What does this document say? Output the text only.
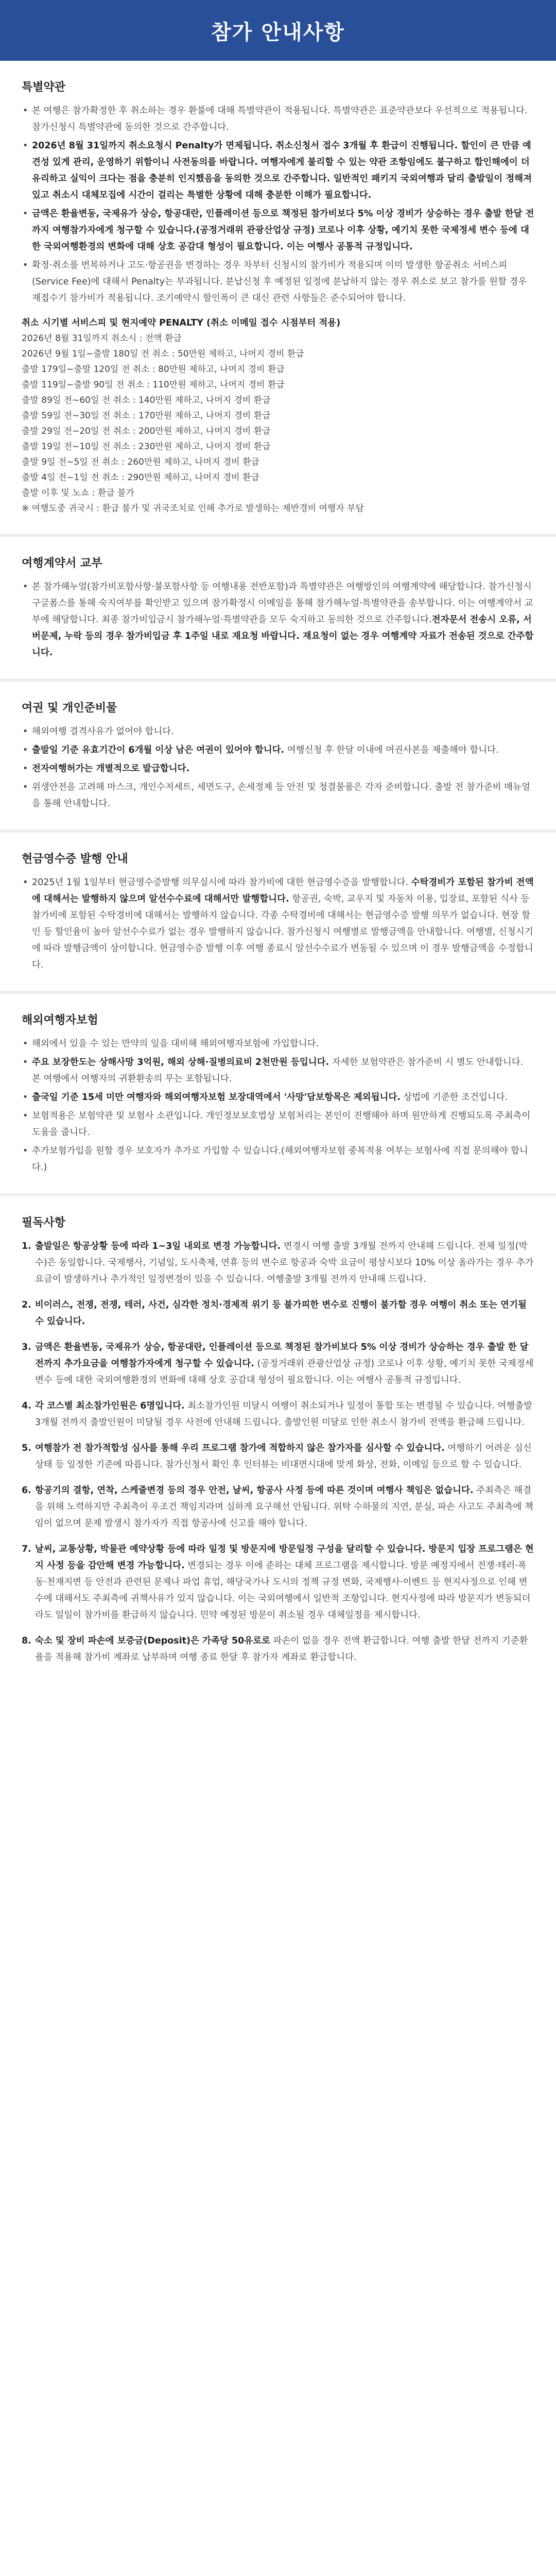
참가 안내사항
특별약관
• 본 여행은 참가확정한 후 취소하는 경우 환불에 대해 특별약관이 적용됩니다. 특별약관은 표준약관보다 우선적으로 적용됩니다. 참가신청시 특별약관에 동의한 것으로 간주합니다.
• 2026년 8월 31일까지 취소요청시 Penalty가 면제됩니다. 취소신청서 접수 3개월 후 환급이 진행됩니다. 할인이 큰 만큼 예견성 있게 관리, 운영하기 위함이니 사전동의를 바랍니다. 여행자에게 불리할 수 있는 약관 조항임에도 불구하고 합인해에이 더 유리하고 실익이 크다는 점을 충분히 인지했음을 동의한 것으로 간주합니다. 일반적인 패키지 국외여행과 달리 출발일이 정해져 있고 취소시 대체모집에 시간이 걸리는 특별한 상황에 대해 충분한 이해가 필요합니다.
• 금액은 환율변동, 국제유가 상승, 항공대란, 인플레이션 등으로 책정된 참가비보다 5% 이상 경비가 상승하는 경우 출발 한달 전까지 여행참가자에게 청구할 수 있습니다.(공정거래위 관광산업상 규정) 코로나 이후 상황, 예기치 못한 국제정세 변수 등에 대한 국외여행환경의 변화에 대해 상호 공감대 형성이 필요합니다. 이는 여행사 공통적 규정입니다.
• 확정·취소를 번복하거나 고도·항공권을 변경하는 경우 차부터 신청시의 참가비가 적용되며 이미 발생한 항공취소 서비스피(Service Fee)에 대해서 Penalty는 부과됩니다. 분납신청 후 예정된 일정에 분납하지 않는 경우 취소로 보고 참가를 원할 경우 재접수기 참가비가 적용됩니다. 조기예약시 할인폭이 큰 대신 관련 사항들은 준수되어야 합니다.
취소 시기별 서비스피 및 현지예약 PENALTY (취소 이메일 접수 시점부터 적용)

2026년 8월 31일까지 취소시 : 전액 환급

2026년 9월 1일~출발 180일 전 취소 : 50만원 제하고, 나머지 경비 환급

출발 179일~출발 120일 전 취소 : 80만원 제하고, 나머지 경비 환급

출발 119일~출발 90일 전 취소 : 110만원 제하고, 나머지 경비 환급

출발 89일 전~60일 전 취소 : 140만원 제하고, 나머지 경비 환급

출발 59일 전~30일 전 취소 : 170만원 제하고, 나머지 경비 환급

출발 29일 전~20일 전 취소 : 200만원 제하고, 나머지 경비 환급

출발 19일 전~10일 전 취소 : 230만원 제하고, 나머지 경비 환급

출발 9일 전~5일 전 취소 : 260만원 제하고, 나머지 경비 환급

출발 4일 전~1일 전 취소 : 290만원 제하고, 나머지 경비 환급

출발 이후 및 노쇼 : 환급 불가

※ 여행도중 귀국시 : 환급 불가 및 귀국조치로 인해 추가로 발생하는 제반경비 여행자 부담

여행계약서 교부
• 본 참가해누얼(참가비포함사항·불포함사항 등 여행내용 전반포함)과 특별약관은 여행방인의 여행계약에 해당합니다. 참가신청시 구글폼스를 통해 숙지여부를 확인받고 있으며 참가확정시 이메일을 통해 참가해누얼·특별약관을 송부합니다. 이는 여행계약서 교부에 해당합니다. 최종 참가비입금시 참가해누얼·특별약관을 모두 숙지하고 동의한 것으로 간주합니다.전자문서 전송시 오류, 서버문제, 누락 등의 경우 참가비입금 후 1주일 내로 재요청 바랍니다. 재요청이 없는 경우 여행계약 자료가 전송된 것으로 간주합니다.
여권 및 개인준비물
• 해외여행 결격사유가 없어야 합니다.
• 출발일 기준 유효기간이 6개월 이상 남은 여권이 있어야 합니다. 여행신청 후 한달 이내에 여권사본을 제출해야 합니다.
• 전자여행허가는 개별적으로 발급합니다.
• 위생안전을 고려해 마스크, 개인수저세트, 세면도구, 손세정제 등 안전 및 청결물품은 각자 준비합니다. 출발 전 참가준비 매뉴얼을 통해 안내합니다.
현금영수증 발행 안내
• 2025년 1월 1일부터 현금영수증발행 의무실시에 따라 참가비에 대한 현금영수증을 발행합니다. 수탁경비가 포함된 참가비 전액에 대해서는 발행하지 않으며 알선수수료에 대해서만 발행합니다. 항공권, 숙박, 교우지 및 자동차 이용, 입장료, 포함된 식사 등 참가비에 포함된 수탁경비에 대해서는 발행하지 않습니다. 각종 수탁경비에 대해서는 현금영수증 발행 의무가 없습니다. 현장 할인 등 할인율이 높아 알선수수료가 없는 경우 발행하지 않습니다. 참가신청시 여행별로 발행금액을 안내합니다. 여행별, 신청시기에 따라 발행금액이 상이합니다. 현금영수증 발행 이후 여행 종료시 알선수수료가 변동될 수 있으며 이 경우 발행금액을 수정합니다.
해외여행자보험
• 해외에서 있을 수 있는 만약의 일을 대비해 해외여행자보험에 가입합니다.
• 주요 보장한도는 상해사망 3억원, 해외 상해·질병의료비 2천만원 등입니다. 자세한 보험약관은 참가준비 시 별도 안내합니다. 본 여행에서 여행자의 귀환환송의 무는 포함됩니다.
• 출국일 기준 15세 미만 여행자와 해외여행자보험 보장대역에서 '사망'담보항목은 제외됩니다. 상법에 기준한 조건입니다.
• 보험적용은 보험약관 및 보험사 소관입니다. 개인정보보호법상 보험처리는 본인이 진행해야 하며 원만하게 진행되도록 주최측이 도움을 줍니다.
• 추가보험가입을 원할 경우 보호자가 추가로 가입할 수 있습니다.(해외여행자보험 중복적용 여부는 보험사에 직접 문의해야 합니다.)
필독사항
1. 출발일은 항공상황 등에 따라 1~3일 내외로 변경 가능합니다. 변경시 여행 출발 3개월 전까지 안내해 드립니다. 전체 일정(박수)은 동일합니다. 국제행사, 기념일, 도시축제, 연휴 등의 변수로 항공과 숙박 요금이 평상시보다 10% 이상 올라가는 경우 추가요금이 발생하거나 추가적인 일정변경이 있을 수 있습니다. 여행출발 3개월 전까지 안내해 드립니다.
2. 비이러스, 전쟁, 전쟁, 테러, 사건, 심각한 정치·경제적 위기 등 불가피한 변수로 진행이 불가할 경우 여행이 취소 또는 연기될 수 있습니다.
3. 금액은 환율변동, 국제유가 상승, 항공대란, 인플레이션 등으로 책정된 참가비보다 5% 이상 경비가 상승하는 경우 출발 한 달 전까지 추가요금을 여행참가자에게 청구할 수 있습니다. (공정거래위 관광산업상 규정) 코로나 이후 상황, 예기치 못한 국제정세 변수 등에 대한 국외여행환경의 변화에 대해 상호 공감대 형성이 필요합니다. 이는 여행사 공통적 규정입니다.
4. 각 코스별 최소참가인원은 6명입니다. 최소참가인원 미달시 여행이 취소되거나 일정이 통합 또는 변경될 수 있습니다. 여행출발 3개월 전까지 출발인원이 미달될 경우 사전에 안내해 드립니다. 출발인원 미달로 인한 취소시 참가비 전액을 환급해 드립니다.
5. 여행참가 전 참가적합성 심사를 통해 우리 프로그램 참가에 적합하지 않은 참가자를 심사할 수 있습니다. 여행하기 어려운 심신상태 등 일정한 기준에 따릅니다. 참가신청서 확인 후 인터뷰는 비대면시대에 맞게 화상, 전화, 이메일 등으로 할 수 있습니다.
6. 항공기의 결항, 연착, 스케줄변경 등의 경우 안전, 날씨, 항공사 사정 등에 따른 것이며 여행사 책임은 없습니다. 주최측은 해결을 위해 노력하지만 주최측이 우조건 책임지라며 심하게 요구해선 안됩니다. 위탁 수하물의 지연, 분실, 파손 사고도 주최측에 책임이 없으며 문제 발생시 참가자가 직접 항공사에 신고를 해야 합니다.
7. 날씨, 교통상황, 박물관 예약상황 등에 따라 일정 및 방문지에 방문일정 구성을 달리할 수 있습니다. 방문지 입장 프로그램은 현지 사정 등을 감안해 변경 가능합니다. 변경되는 경우 이에 준하는 대체 프로그램을 제시합니다. 방문 예정지에서 전쟁·테러·폭동·천재지변 등 안전과 관련된 문제나 파업 휴업, 해당국가나 도시의 정책 규정 변화, 국제행사·이벤트 등 현지사정으로 인해 변수에 대해서도 주최측에 귀책사유가 있지 않습니다. 이는 국외여행에서 일반적 조항입니다. 현지사정에 따라 방문지가 변동되더라도 일일이 참가비를 환급하지 않습니다. 민약 예정된 방문이 취소될 경우 대체일정을 제시합니다.
8. 숙소 및 장비 파손에 보증금(Deposit)은 가족당 50유로로 파손이 없을 경우 전액 환급합니다. 여행 출발 한달 전까지 기준환율을 적용해 참가비 계좌로 납부하며 여행 종료 한달 후 참가자 계좌로 환급합니다.
